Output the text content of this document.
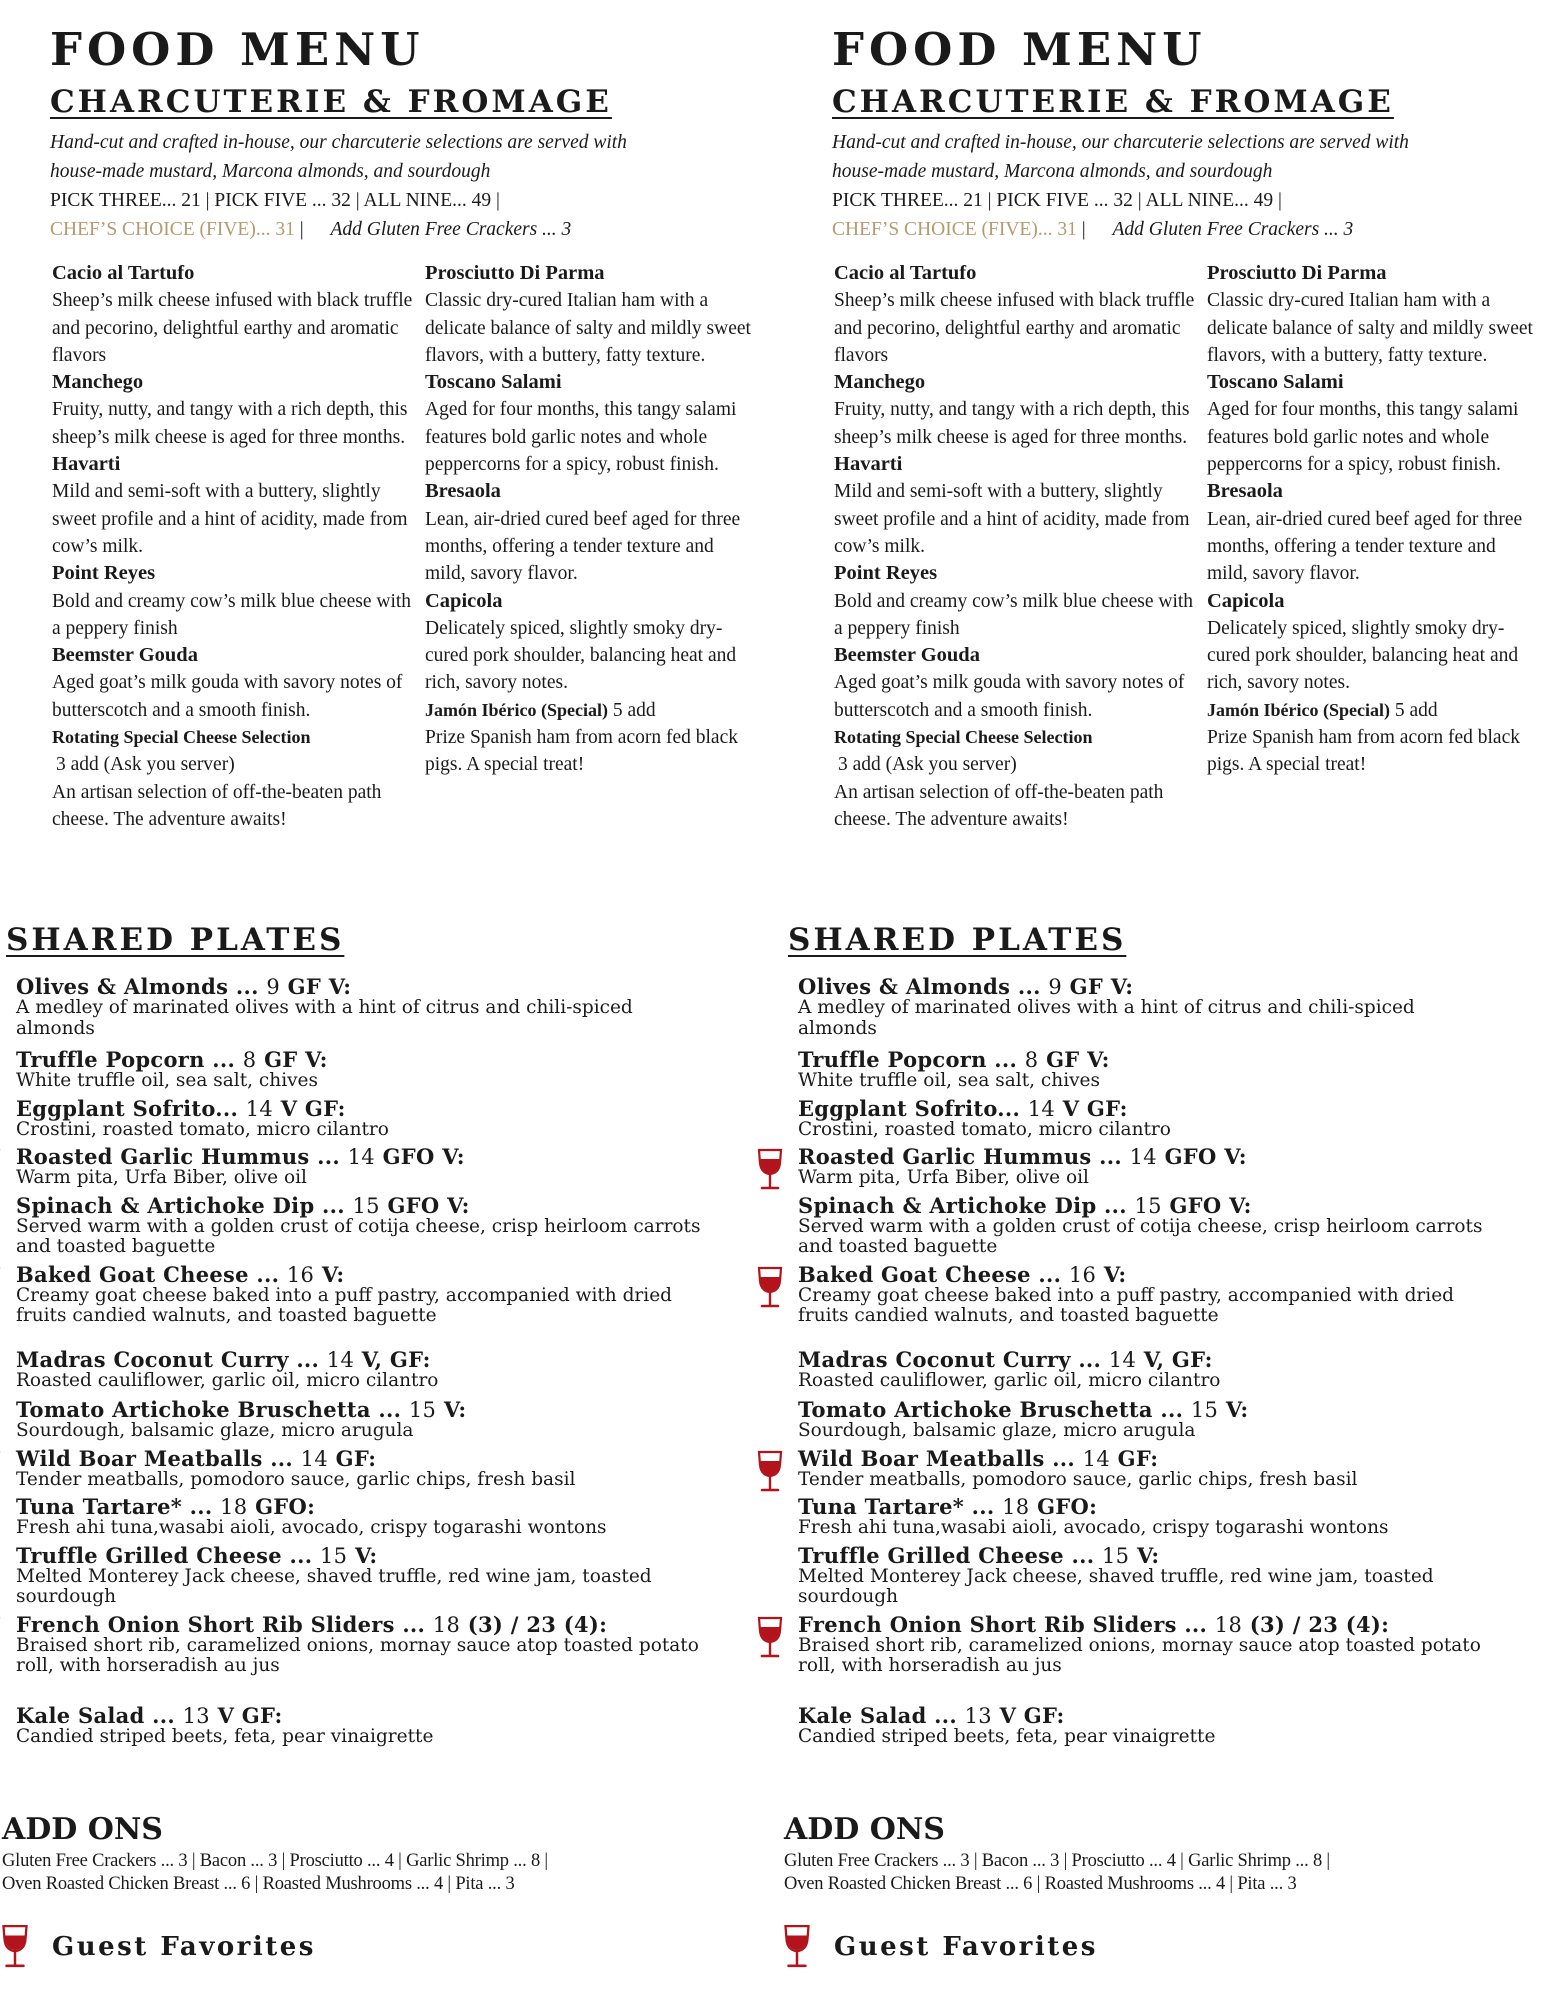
FOOD MENU
CHARCUTERIE & FROMAGE

Hand-cut and crafted in-house, our charcuterie selections are served with

house-made mustard, Marcona almonds, and sourdough

PICK THREE... 21 | PICK FIVE ... 32 | ALL NINE... 49 |

CHEF’S CHOICE (FIVE)... 31 | Add Gluten Free Crackers ... 3

Cacio al Tartufo
Sheep’s milk cheese infused with black truffle and pecorino, delightful earthy and aromatic flavors
Manchego
Fruity, nutty, and tangy with a rich depth, this sheep’s milk cheese is aged for three months.
Havarti
Mild and semi-soft with a buttery, slightly sweet profile and a hint of acidity, made from cow’s milk.
Point Reyes
Bold and creamy cow’s milk blue cheese with a peppery finish
Beemster Gouda
Aged goat’s milk gouda with savory notes of butterscotch and a smooth finish.
Rotating Special Cheese Selection
3 add (Ask you server)
An artisan selection of off-the-beaten path cheese. The adventure awaits!
Prosciutto Di Parma
Classic dry-cured Italian ham with a delicate balance of salty and mildly sweet flavors, with a buttery, fatty texture.
Toscano Salami
Aged for four months, this tangy salami features bold garlic notes and whole peppercorns for a spicy, robust finish.
Bresaola
Lean, air-dried cured beef aged for three months, offering a tender texture and mild, savory flavor.
Capicola
Delicately spiced, slightly smoky dry-cured pork shoulder, balancing heat and rich, savory notes.
Jamón Ibérico (Special) 5 add
Prize Spanish ham from acorn fed black pigs. A special treat!
SHARED PLATES
Olives & Almonds ... 9 GF V:
A medley of marinated olives with a hint of citrus and chili-spiced almonds
Truffle Popcorn ... 8 GF V:
White truffle oil, sea salt, chives
Eggplant Sofrito... 14 V GF:
Crostini, roasted tomato, micro cilantro
Roasted Garlic Hummus ... 14 GFO V:
Warm pita, Urfa Biber, olive oil
Spinach & Artichoke Dip ... 15 GFO V:
Served warm with a golden crust of cotija cheese, crisp heirloom carrots and toasted baguette
Baked Goat Cheese ... 16 V:
Creamy goat cheese baked into a puff pastry, accompanied with dried fruits candied walnuts, and toasted baguette
Madras Coconut Curry ... 14 V, GF:
Roasted cauliflower, garlic oil, micro cilantro
Tomato Artichoke Bruschetta ... 15 V:
Sourdough, balsamic glaze, micro arugula
Wild Boar Meatballs ... 14 GF:
Tender meatballs, pomodoro sauce, garlic chips, fresh basil
Tuna Tartare* ... 18 GFO:
Fresh ahi tuna,wasabi aioli, avocado, crispy togarashi wontons
Truffle Grilled Cheese ... 15 V:
Melted Monterey Jack cheese, shaved truffle, red wine jam, toasted sourdough
French Onion Short Rib Sliders ... 18 (3) / 23 (4):
Braised short rib, caramelized onions, mornay sauce atop toasted potato roll, with horseradish au jus
Kale Salad ... 13 V GF:
Candied striped beets, feta, pear vinaigrette
ADD ONS

Gluten Free Crackers ... 3 | Bacon ... 3 | Prosciutto ... 4 | Garlic Shrimp ... 8 |

Oven Roasted Chicken Breast ... 6 | Roasted Mushrooms ... 4 | Pita ... 3

Guest Favorites
FOOD MENU
CHARCUTERIE & FROMAGE

Hand-cut and crafted in-house, our charcuterie selections are served with

house-made mustard, Marcona almonds, and sourdough

PICK THREE... 21 | PICK FIVE ... 32 | ALL NINE... 49 |

CHEF’S CHOICE (FIVE)... 31 | Add Gluten Free Crackers ... 3

Cacio al Tartufo
Sheep’s milk cheese infused with black truffle and pecorino, delightful earthy and aromatic flavors
Manchego
Fruity, nutty, and tangy with a rich depth, this sheep’s milk cheese is aged for three months.
Havarti
Mild and semi-soft with a buttery, slightly sweet profile and a hint of acidity, made from cow’s milk.
Point Reyes
Bold and creamy cow’s milk blue cheese with a peppery finish
Beemster Gouda
Aged goat’s milk gouda with savory notes of butterscotch and a smooth finish.
Rotating Special Cheese Selection
3 add (Ask you server)
An artisan selection of off-the-beaten path cheese. The adventure awaits!
Prosciutto Di Parma
Classic dry-cured Italian ham with a delicate balance of salty and mildly sweet flavors, with a buttery, fatty texture.
Toscano Salami
Aged for four months, this tangy salami features bold garlic notes and whole peppercorns for a spicy, robust finish.
Bresaola
Lean, air-dried cured beef aged for three months, offering a tender texture and mild, savory flavor.
Capicola
Delicately spiced, slightly smoky dry-cured pork shoulder, balancing heat and rich, savory notes.
Jamón Ibérico (Special) 5 add
Prize Spanish ham from acorn fed black pigs. A special treat!
SHARED PLATES
Olives & Almonds ... 9 GF V:
A medley of marinated olives with a hint of citrus and chili-spiced almonds
Truffle Popcorn ... 8 GF V:
White truffle oil, sea salt, chives
Eggplant Sofrito... 14 V GF:
Crostini, roasted tomato, micro cilantro
Roasted Garlic Hummus ... 14 GFO V:
Warm pita, Urfa Biber, olive oil
Spinach & Artichoke Dip ... 15 GFO V:
Served warm with a golden crust of cotija cheese, crisp heirloom carrots and toasted baguette
Baked Goat Cheese ... 16 V:
Creamy goat cheese baked into a puff pastry, accompanied with dried fruits candied walnuts, and toasted baguette
Madras Coconut Curry ... 14 V, GF:
Roasted cauliflower, garlic oil, micro cilantro
Tomato Artichoke Bruschetta ... 15 V:
Sourdough, balsamic glaze, micro arugula
Wild Boar Meatballs ... 14 GF:
Tender meatballs, pomodoro sauce, garlic chips, fresh basil
Tuna Tartare* ... 18 GFO:
Fresh ahi tuna,wasabi aioli, avocado, crispy togarashi wontons
Truffle Grilled Cheese ... 15 V:
Melted Monterey Jack cheese, shaved truffle, red wine jam, toasted sourdough
French Onion Short Rib Sliders ... 18 (3) / 23 (4):
Braised short rib, caramelized onions, mornay sauce atop toasted potato roll, with horseradish au jus
Kale Salad ... 13 V GF:
Candied striped beets, feta, pear vinaigrette
ADD ONS

Gluten Free Crackers ... 3 | Bacon ... 3 | Prosciutto ... 4 | Garlic Shrimp ... 8 |

Oven Roasted Chicken Breast ... 6 | Roasted Mushrooms ... 4 | Pita ... 3

Guest Favorites
